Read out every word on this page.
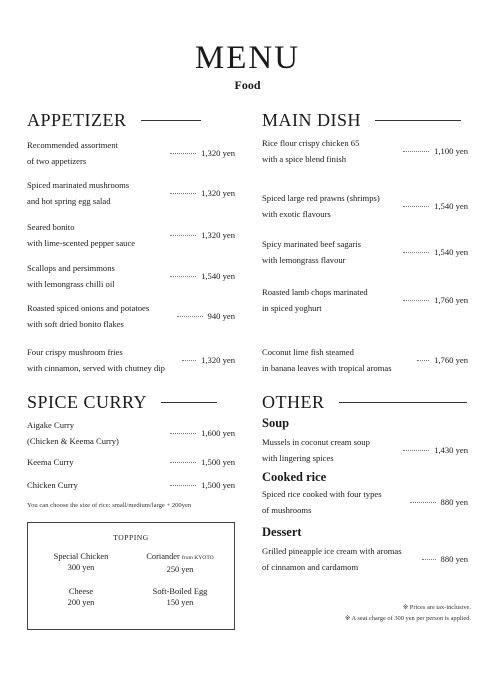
MENU
Food
APPETIZER
Recommended assortment
of two appetizers
1,320 yen
Spiced marinated mushrooms
and hot spring egg salad
1,320 yen
Seared bonito
with lime-scented pepper sauce
1,320 yen
Scallops and persimmons
with lemongrass chilli oil
1,540 yen
Roasted spiced onions and potatoes
with soft dried bonito flakes
940 yen
Four crispy mushroom fries
with cinnamon, served with chutney dip
1,320 yen
MAIN DISH
Rice flour crispy chicken 65
with a spice blend finish
1,100 yen
Spiced large red prawns (shrimps)
with exotic flavours
1,540 yen
Spicy marinated beef sagaris
with lemongrass flavour
1,540 yen
Roasted lamb chops marinated
in spiced yoghurt
1,760 yen
Coconut lime fish steamed
in banana leaves with tropical aromas
1,760 yen
SPICE CURRY
Aigake Curry
(Chicken & Keema Curry)
1,600 yen
Keema Curry	1,500 yen
Chicken Curry	1,500 yen
You can choose the size of rice: small/medium/large + 200yen
TOPPING
Special Chicken
300 yen
Coriander from KYOTO
250 yen
Cheese
200 yen
Soft-Boiled Egg
150 yen
OTHER
Soup
Mussels in coconut cream soup
with lingering spices
1,430 yen
Cooked rice
Spiced rice cooked with four types
of mushrooms
880 yen
Dessert
Grilled pineapple ice cream with aromas
of cinnamon and cardamom
880 yen
※ Prices are tax-inclusive.
※ A seat charge of 300 yen per person is applied.
